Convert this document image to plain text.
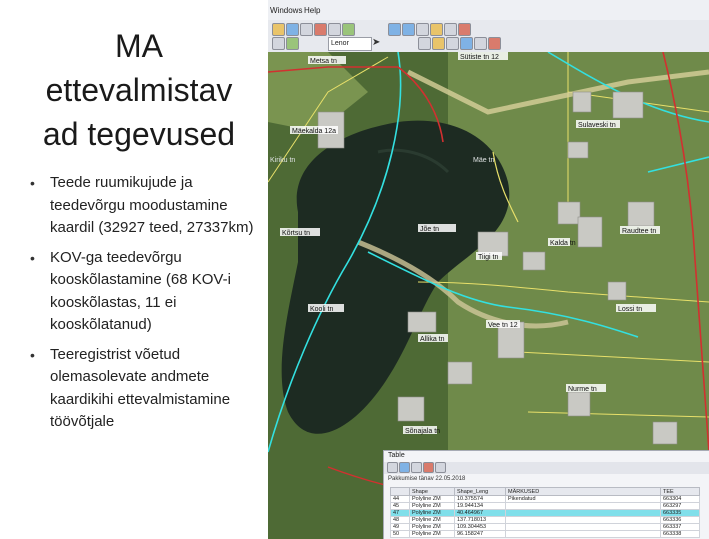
MA
ettevalmistav
ad tegevused
• Teede ruumikujude ja teedevõrgu moodustamine kaardil (32927 teed, 27337km)
• KOV-ga teedevõrgu kooskõlastamine (68 KOV-i kooskõlastas, 11 ei kooskõlatanud)
• Teeregistrist võetud olemasolevate andmete kaardikihi ettevalmistamine töövõtjale
Windows Help
Lenor	➤
Metsa tn
Mäekalda 12a
Sütiste tn 12
Sulaveski tn
Kiriku tn	Mäe tn
Kõrtsu tn
Jõe tn	Raudtee tn
Kalda tn
Tiigi tn
Kooli tn
Vee tn 12
Lossi tn
Allika tn
Nurme tn
Sõnajala tn
Table
Pakkumise tänav 22.05.2018
	Shape	Shape_Leng	MÄRKUSED	TEE
44	Polyline ZM	10.375574	Pikendatud	663304
45	Polyline ZM	19.944134		663297
47	Polyline ZM	40.464967		663335
48	Polyline ZM	137.718013		663336
49	Polyline ZM	109.304453		663337
50	Polyline ZM	96.158247		663338
